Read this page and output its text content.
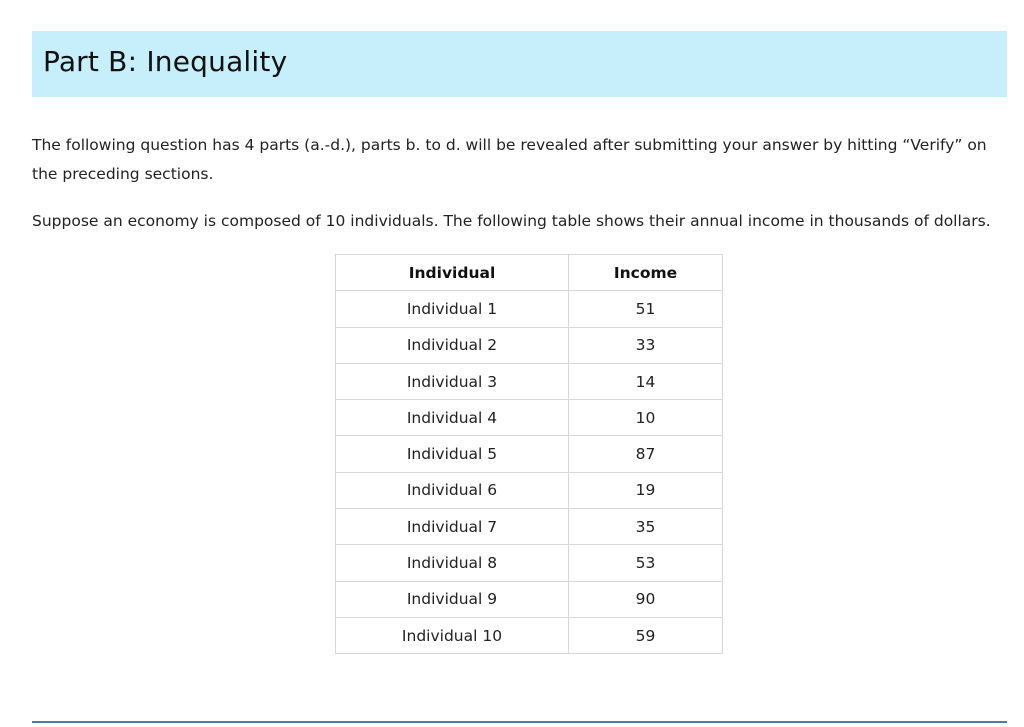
Part B: Inequality

The following question has 4 parts (a.-d.), parts b. to d. will be revealed after submitting your answer by hitting “Verify” on the preceding sections.

Suppose an economy is composed of 10 individuals. The following table shows their annual income in thousands of dollars.

Individual	Income
Individual 1	51
Individual 2	33
Individual 3	14
Individual 4	10
Individual 5	87
Individual 6	19
Individual 7	35
Individual 8	53
Individual 9	90
Individual 10	59
